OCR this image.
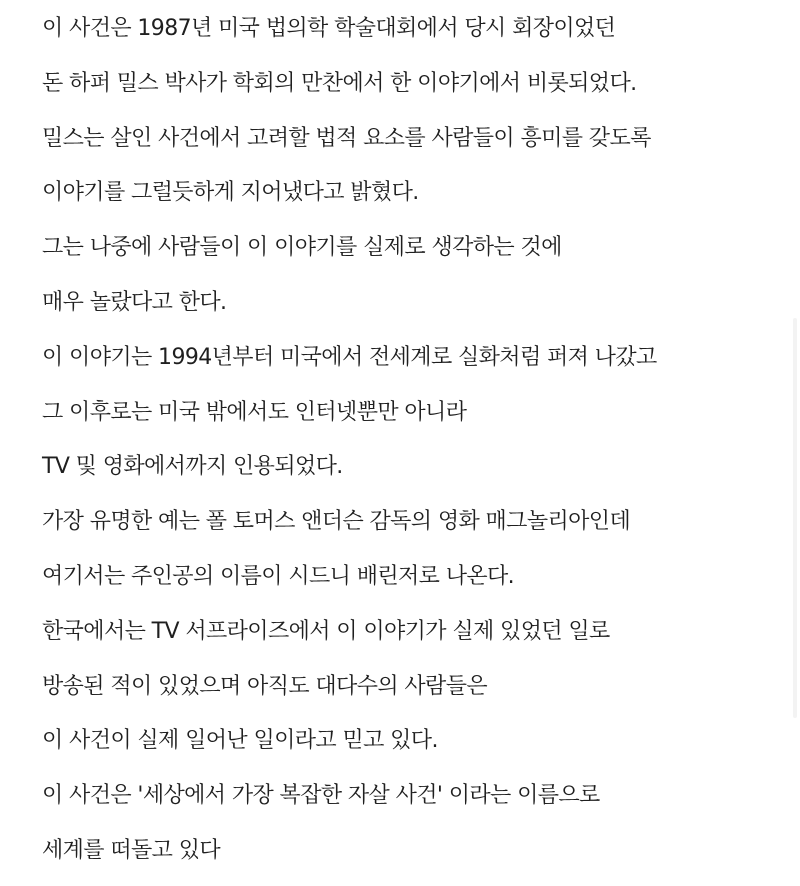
이 사건은 1987년 미국 법의학 학술대회에서 당시 회장이었던
돈 하퍼 밀스 박사가 학회의 만찬에서 한 이야기에서 비롯되었다.
밀스는 살인 사건에서 고려할 법적 요소를 사람들이 흥미를 갖도록
이야기를 그럴듯하게 지어냈다고 밝혔다.
그는 나중에 사람들이 이 이야기를 실제로 생각하는 것에
매우 놀랐다고 한다.
이 이야기는 1994년부터 미국에서 전세계로 실화처럼 퍼져 나갔고
그 이후로는 미국 밖에서도 인터넷뿐만 아니라
TV 및 영화에서까지 인용되었다.
가장 유명한 예는 폴 토머스 앤더슨 감독의 영화 매그놀리아인데
여기서는 주인공의 이름이 시드니 배린저로 나온다.
한국에서는 TV 서프라이즈에서 이 이야기가 실제 있었던 일로
방송된 적이 있었으며 아직도 대다수의 사람들은
이 사건이 실제 일어난 일이라고 믿고 있다.
이 사건은 '세상에서 가장 복잡한 자살 사건' 이라는 이름으로
세계를 떠돌고 있다
